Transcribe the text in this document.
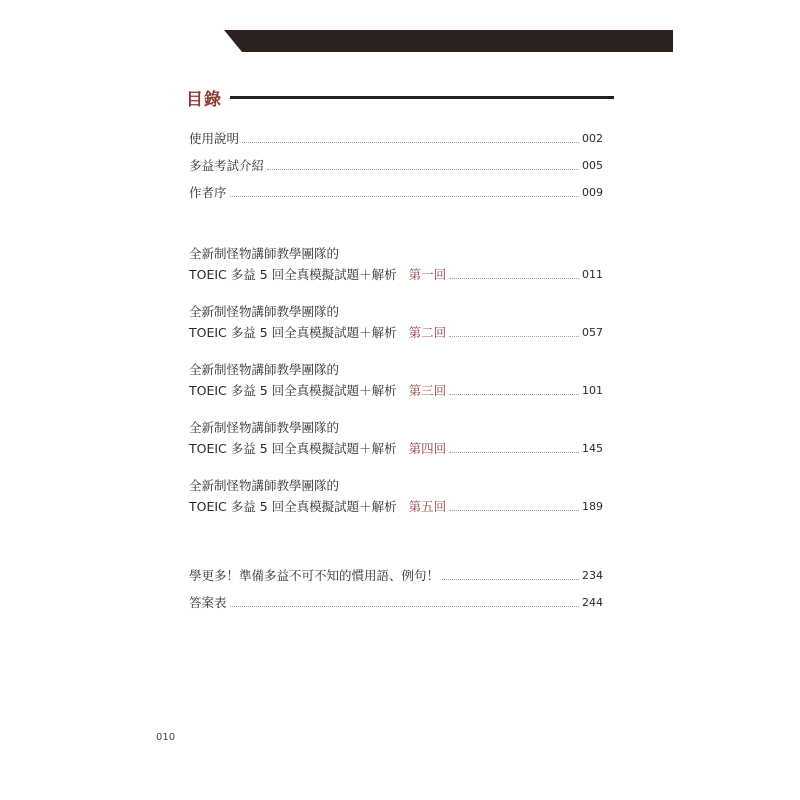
目錄
使用說明	002
多益考試介紹	005
作者序	009
全新制怪物講師教學團隊的
TOEIC 多益 5 回全真模擬試題＋解析 第一回	011
全新制怪物講師教學團隊的
TOEIC 多益 5 回全真模擬試題＋解析 第二回	057
全新制怪物講師教學團隊的
TOEIC 多益 5 回全真模擬試題＋解析 第三回	101
全新制怪物講師教學團隊的
TOEIC 多益 5 回全真模擬試題＋解析 第四回	145
全新制怪物講師教學團隊的
TOEIC 多益 5 回全真模擬試題＋解析 第五回	189
學更多！準備多益不可不知的慣用語、例句！	234
答案表	244
010
